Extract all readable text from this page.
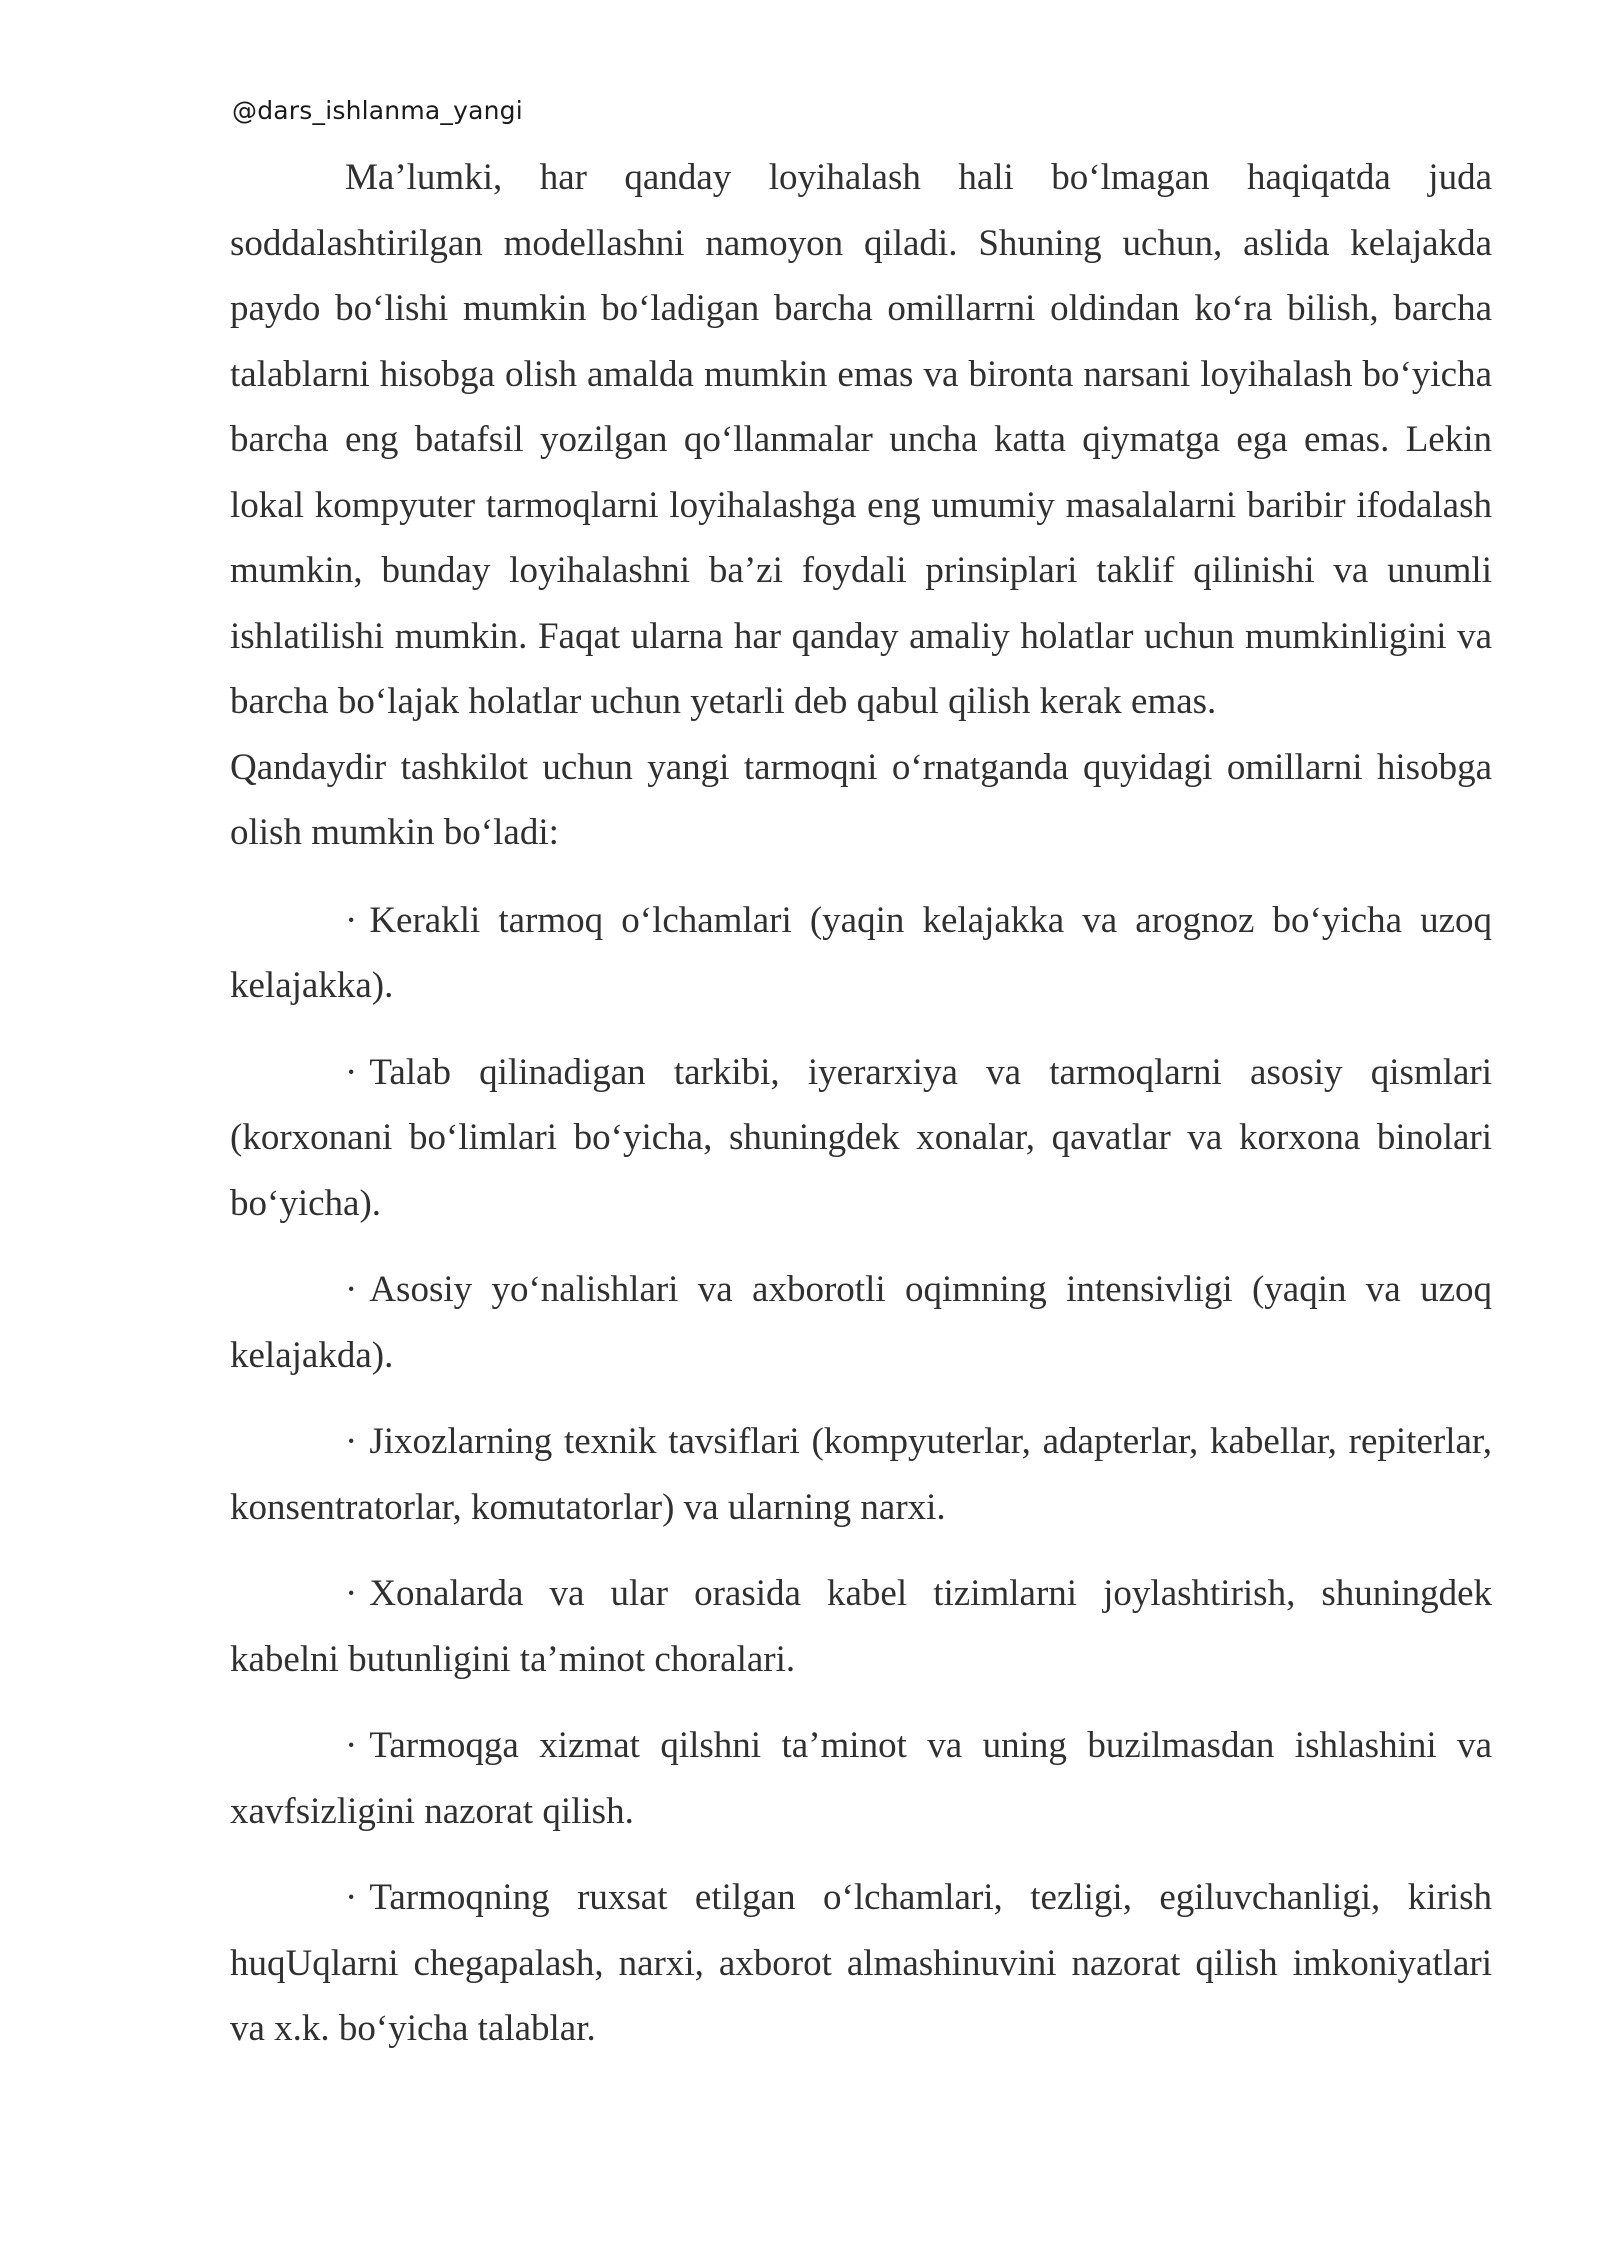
@dars_ishlanma_yangi

Ma’lumki, har qanday loyihalash hali bo‘lmagan haqiqatda juda soddalashtirilgan modellashni namoyon qiladi. Shuning uchun, aslida kelajakda paydo bo‘lishi mumkin bo‘ladigan barcha omillarrni oldindan ko‘ra bilish, barcha talablarni hisobga olish amalda mumkin emas va bironta narsani loyihalash bo‘yicha barcha eng batafsil yozilgan qo‘llanmalar uncha katta qiymatga ega emas. Lekin lokal kompyuter tarmoqlarni loyihalashga eng umumiy masalalarni baribir ifodalash mumkin, bunday loyihalashni ba’zi foydali prinsiplari taklif qilinishi va unumli ishlatilishi mumkin. Faqat ularna har qanday amaliy holatlar uchun mumkinligini va barcha bo‘lajak holatlar uchun yetarli deb qabul qilish kerak emas.

Qandaydir tashkilot uchun yangi tarmoqni o‘rnatganda quyidagi omillarni hisobga olish mumkin bo‘ladi:

· Kerakli tarmoq o‘lchamlari (yaqin kelajakka va arognoz bo‘yicha uzoq kelajakka).
· Talab qilinadigan tarkibi, iyerarxiya va tarmoqlarni asosiy qismlari (korxonani bo‘limlari bo‘yicha, shuningdek xonalar, qavatlar va korxona binolari bo‘yicha).
· Asosiy yo‘nalishlari va axborotli oqimning intensivligi (yaqin va uzoq kelajakda).
· Jixozlarning texnik tavsiflari (kompyuterlar, adapterlar, kabellar, repiterlar, konsentratorlar, komutatorlar) va ularning narxi.
· Xonalarda va ular orasida kabel tizimlarni joylashtirish, shuningdek kabelni butunligini ta’minot choralari.
· Tarmoqga xizmat qilshni ta’minot va uning buzilmasdan ishlashini va xavfsizligini nazorat qilish.
· Tarmoqning ruxsat etilgan o‘lchamlari, tezligi, egiluvchanligi, kirish huqUqlarni chegapalash, narxi, axborot almashinuvini nazorat qilish imkoniyatlari va x.k. bo‘yicha talablar.
